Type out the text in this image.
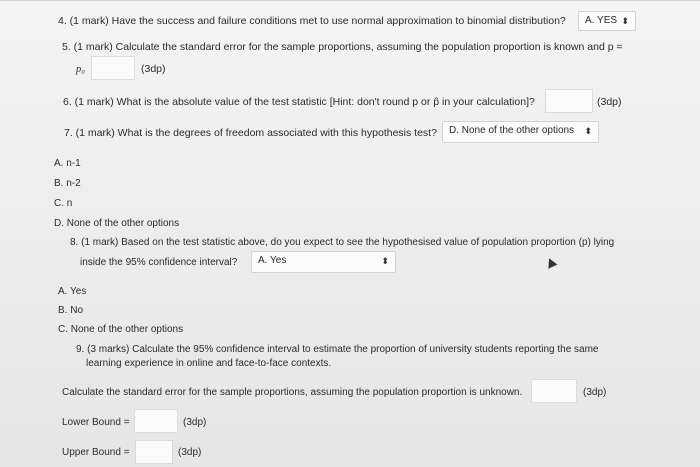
4. (1 mark) Have the success and failure conditions met to use normal approximation to binomial distribution?	A. YES ⬍
5. (1 mark) Calculate the standard error for the sample proportions, assuming the population proportion is known and p =
p₀	(3dp)
6. (1 mark) What is the absolute value of the test statistic [Hint: don't round p or p̂ in your calculation]?	(3dp)
7. (1 mark) What is the degrees of freedom associated with this hypothesis test?	D. None of the other options ⬍
A. n-1
B. n-2
C. n
D. None of the other options
8. (1 mark) Based on the test statistic above, do you expect to see the hypothesised value of population proportion (p) lying
inside the 95% confidence interval?	A. Yes	⬍
A. Yes
B. No
C. None of the other options
9. (3 marks) Calculate the 95% confidence interval to estimate the proportion of university students reporting the same
learning experience in online and face-to-face contexts.
Calculate the standard error for the sample proportions, assuming the population proportion is unknown.	(3dp)
Lower Bound =	(3dp)
Upper Bound =	(3dp)
